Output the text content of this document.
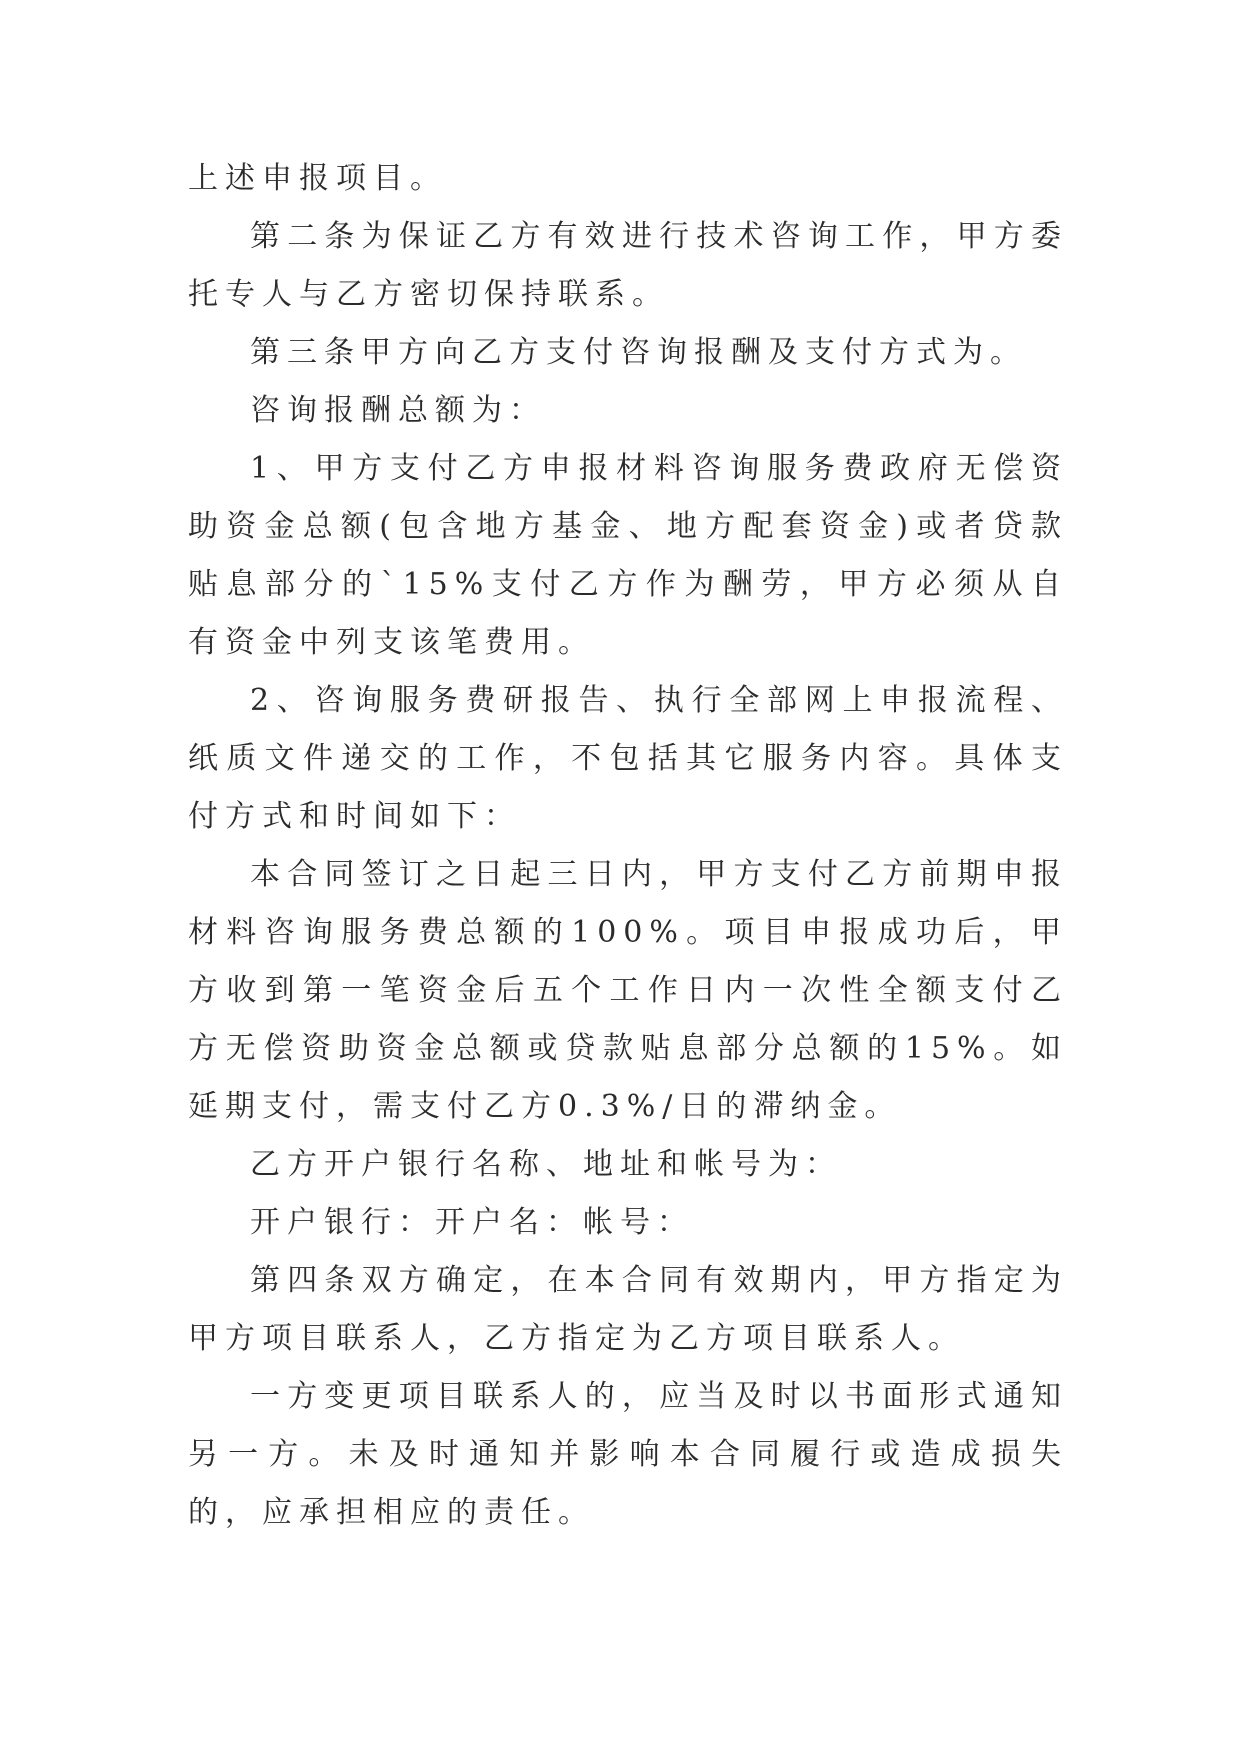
上述申报项目。

第二条为保证乙方有效进行技术咨询工作，甲方委托专人与乙方密切保持联系。

第三条甲方向乙方支付咨询报酬及支付方式为。

咨询报酬总额为：

1、甲方支付乙方申报材料咨询服务费政府无偿资助资金总额(包含地方基金、地方配套资金)或者贷款贴息部分的`15%支付乙方作为酬劳，甲方必须从自有资金中列支该笔费用。

2、咨询服务费研报告、执行全部网上申报流程、纸质文件递交的工作，不包括其它服务内容。具体支付方式和时间如下：

本合同签订之日起三日内，甲方支付乙方前期申报材料咨询服务费总额的100%。项目申报成功后，甲方收到第一笔资金后五个工作日内一次性全额支付乙方无偿资助资金总额或贷款贴息部分总额的15%。如延期支付，需支付乙方0.3%/日的滞纳金。

乙方开户银行名称、地址和帐号为：

开户银行：开户名：帐号：

第四条双方确定，在本合同有效期内，甲方指定为甲方项目联系人，乙方指定为乙方项目联系人。

一方变更项目联系人的，应当及时以书面形式通知另一方。未及时通知并影响本合同履行或造成损失的，应承担相应的责任。
